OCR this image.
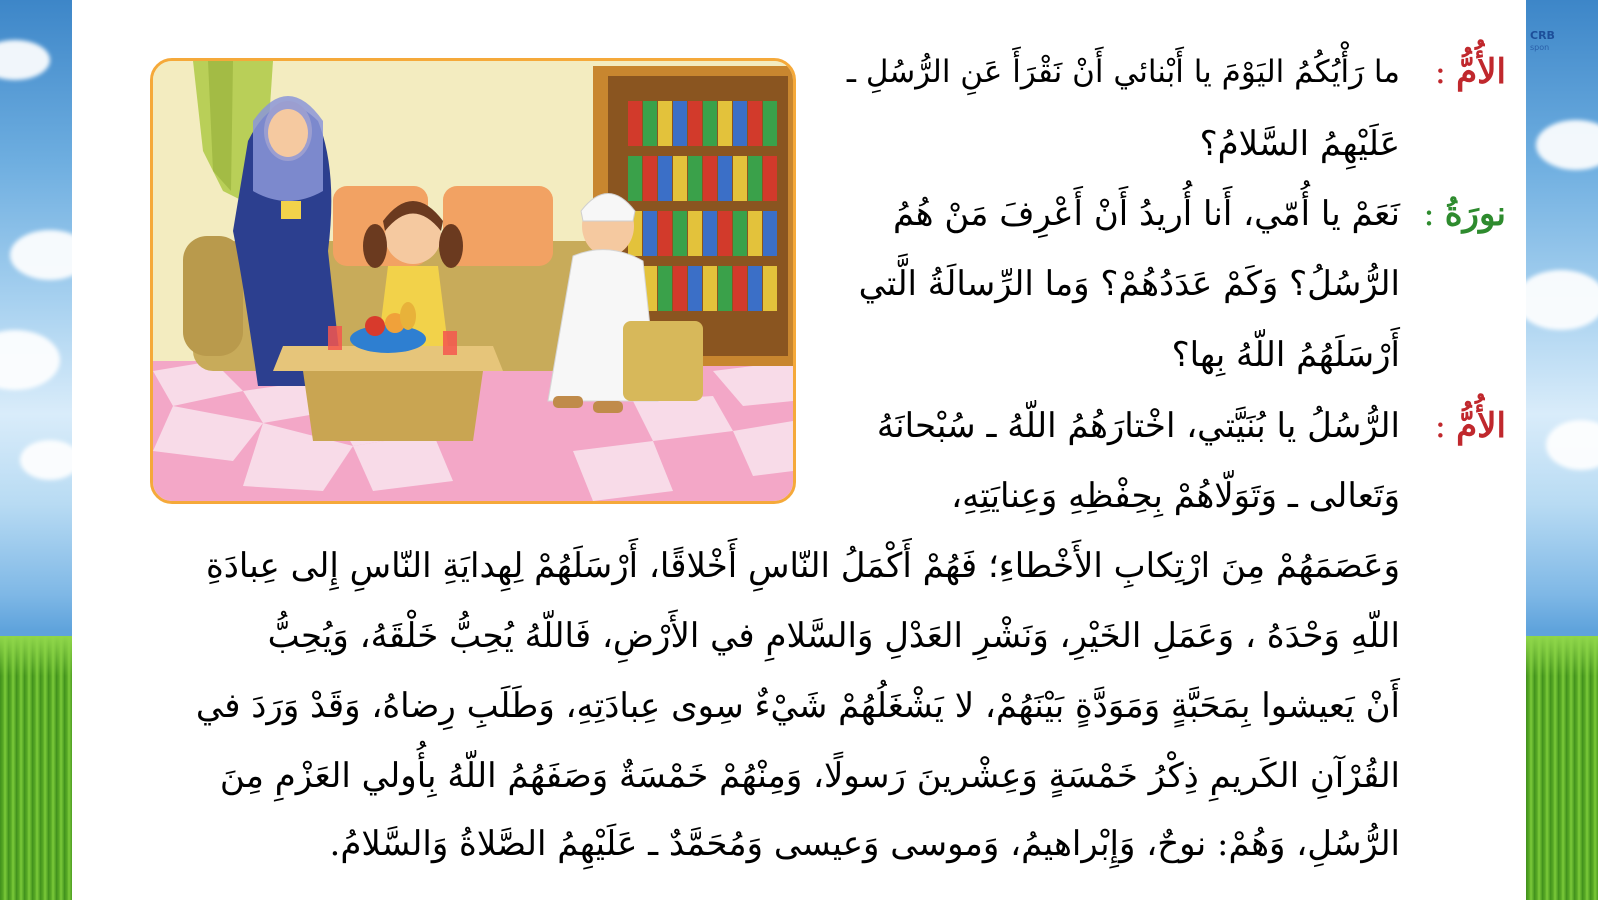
CRB
spon
الأُمُّ:
نورَةُ:
الأُمُّ:
ما رَأْيُكُمُ اليَوْمَ يا أَبْنائي أَنْ نَقْرَأَ عَنِ الرُّسُلِ ـ
عَلَيْهِمُ السَّلامُ؟
نَعَمْ يا أُمّي، أَنا أُريدُ أَنْ أَعْرِفَ مَنْ هُمُ
الرُّسُلُ؟ وَكَمْ عَدَدُهُمْ؟ وَما الرِّسالَةُ الَّتي
أَرْسَلَهُمُ اللّهُ بِها؟
الرُّسُلُ يا بُنَيَّتي، اخْتارَهُمُ اللّهُ ـ سُبْحانَهُ
وَتَعالى ـ وَتَوَلّاهُمْ بِحِفْظِهِ وَعِنايَتِهِ،
وَعَصَمَهُمْ مِنَ ارْتِكابِ الأَخْطاءِ؛ فَهُمْ أَكْمَلُ النّاسِ أَخْلاقًا، أَرْسَلَهُمْ لِهِدايَةِ النّاسِ إِلى عِبادَةِ
اللّهِ وَحْدَهُ ، وَعَمَلِ الخَيْرِ، وَنَشْرِ العَدْلِ وَالسَّلامِ في الأَرْضِ، فَاللّهُ يُحِبُّ خَلْقَهُ، وَيُحِبُّ
أَنْ يَعيشوا بِمَحَبَّةٍ وَمَوَدَّةٍ بَيْنَهُمْ، لا يَشْغَلُهُمْ شَيْءٌ سِوى عِبادَتِهِ، وَطَلَبِ رِضاهُ، وَقَدْ وَرَدَ في
القُرْآنِ الكَريمِ ذِكْرُ خَمْسَةٍ وَعِشْرينَ رَسولًا، وَمِنْهُمْ خَمْسَةٌ وَصَفَهُمُ اللّهُ بِأُولي العَزْمِ مِنَ
الرُّسُلِ، وَهُمْ: نوحٌ، وَإِبْراهيمُ، وَموسى وَعيسى وَمُحَمَّدٌ ـ عَلَيْهِمُ الصَّلاةُ وَالسَّلامُ.
